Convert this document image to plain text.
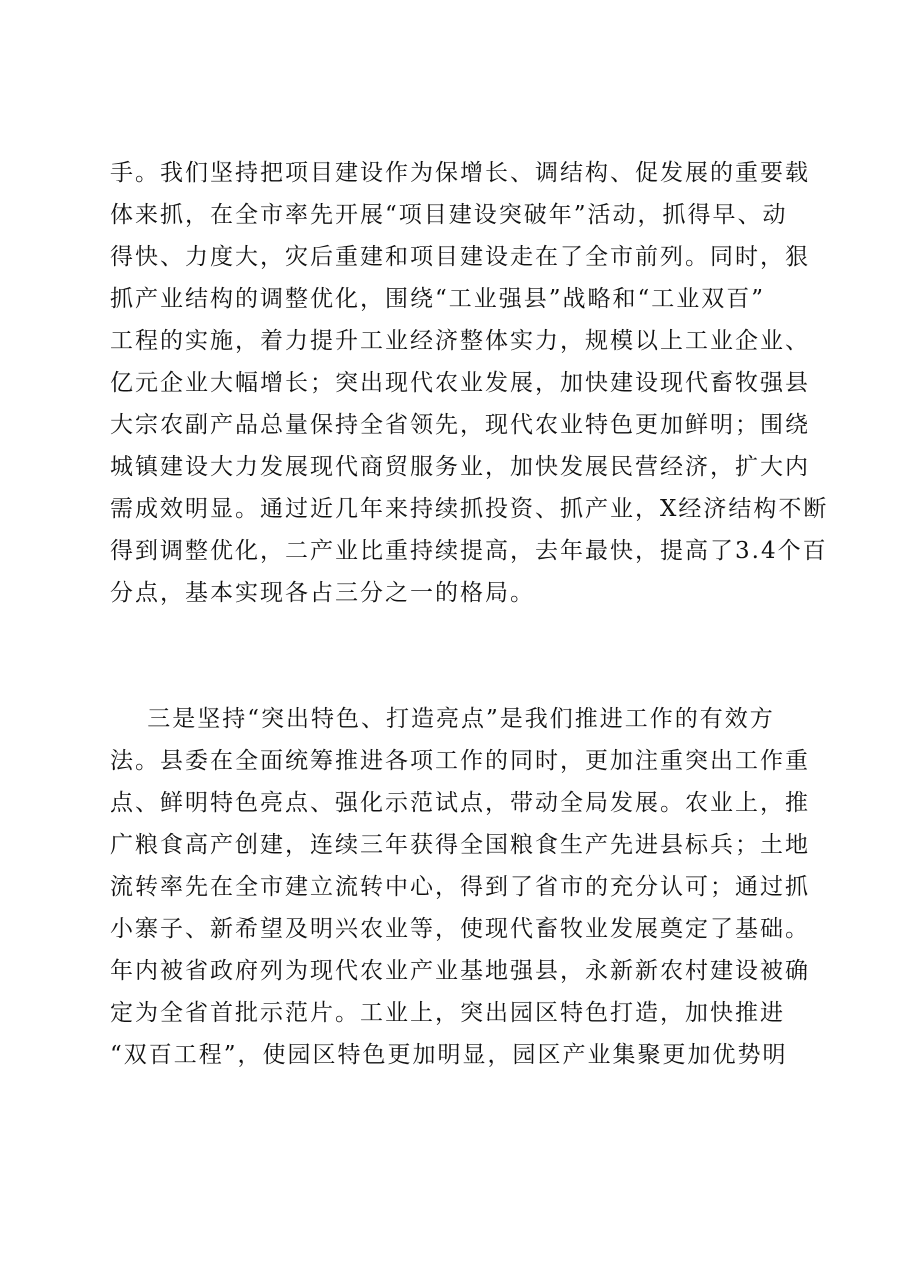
手。我们坚持把项目建设作为保增长、调结构、促发展的重要载
体来抓，在全市率先开展“项目建设突破年”活动，抓得早、动
得快、力度大，灾后重建和项目建设走在了全市前列。同时，狠
抓产业结构的调整优化，围绕“工业强县”战略和“工业双百”
工程的实施，着力提升工业经济整体实力，规模以上工业企业、
亿元企业大幅增长；突出现代农业发展，加快建设现代畜牧强县
大宗农副产品总量保持全省领先，现代农业特色更加鲜明；围绕
城镇建设大力发展现代商贸服务业，加快发展民营经济，扩大内
需成效明显。通过近几年来持续抓投资、抓产业，X经济结构不断
得到调整优化，二产业比重持续提高，去年最快，提高了3.4个百
分点，基本实现各占三分之一的格局。
三是坚持“突出特色、打造亮点”是我们推进工作的有效方
法。县委在全面统筹推进各项工作的同时，更加注重突出工作重
点、鲜明特色亮点、强化示范试点，带动全局发展。农业上，推
广粮食高产创建，连续三年获得全国粮食生产先进县标兵；土地
流转率先在全市建立流转中心，得到了省市的充分认可；通过抓
小寨子、新希望及明兴农业等，使现代畜牧业发展奠定了基础。
年内被省政府列为现代农业产业基地强县，永新新农村建设被确
定为全省首批示范片。工业上，突出园区特色打造，加快推进
“双百工程”，使园区特色更加明显，园区产业集聚更加优势明
